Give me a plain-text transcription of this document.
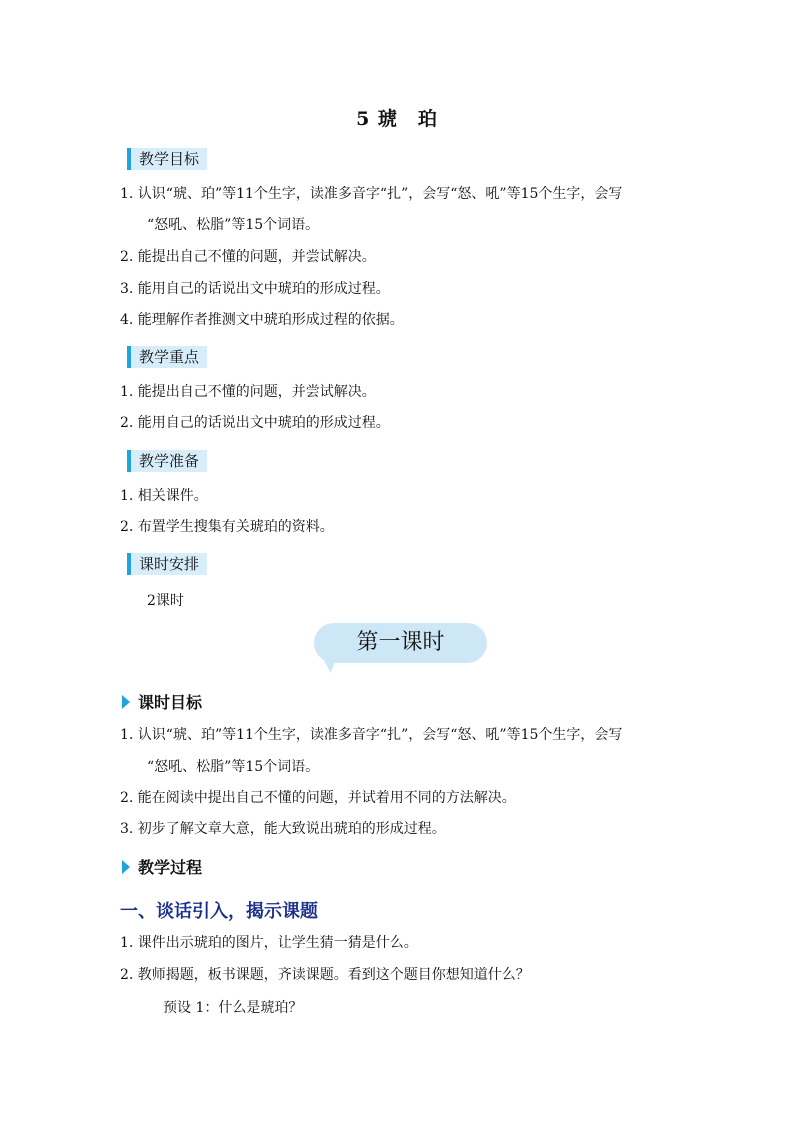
5 琥　珀
教学目标
1. 认识“琥、珀”等11个生字，读准多音字“扎”，会写“怒、吼”等15个生字，会写
“怒吼、松脂”等15个词语。
2. 能提出自己不懂的问题，并尝试解决。
3. 能用自己的话说出文中琥珀的形成过程。
4. 能理解作者推测文中琥珀形成过程的依据。
教学重点
1. 能提出自己不懂的问题，并尝试解决。
2. 能用自己的话说出文中琥珀的形成过程。
教学准备
1. 相关课件。
2. 布置学生搜集有关琥珀的资料。
课时安排
2课时
第一课时
课时目标
1. 认识“琥、珀”等11个生字，读准多音字“扎”，会写“怒、吼”等15个生字，会写
“怒吼、松脂”等15个词语。
2. 能在阅读中提出自己不懂的问题，并试着用不同的方法解决。
3. 初步了解文章大意，能大致说出琥珀的形成过程。
教学过程
一、谈话引入，揭示课题
1. 课件出示琥珀的图片，让学生猜一猜是什么。
2. 教师揭题，板书课题，齐读课题。看到这个题目你想知道什么？
预设 1：什么是琥珀？
